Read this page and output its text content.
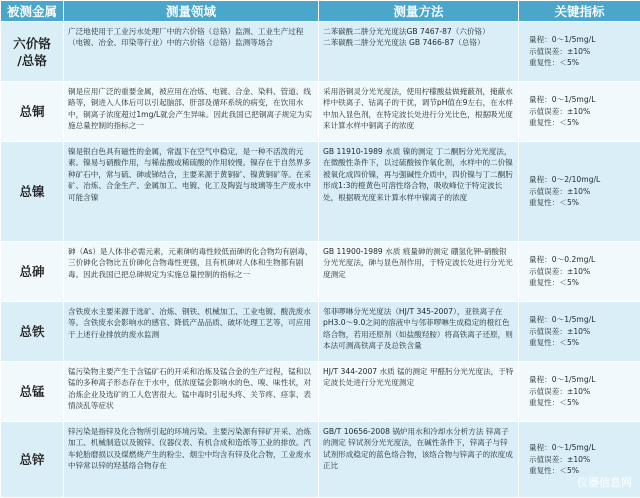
被测金属	测量领域	测量方法	关键指标
六价铬
/总铬	广泛地使用于工业污水处理厂中的六价铬（总铬）监测、工业生产过程（电镀、冶金、印染等行业）中的六价铬（总铬）监测等场合	二苯碳酰二肼分光光度法GB 7467-87（六价铬）
二苯碳酰二肼分光光度法 GB 7466-87（总铬）	量程：0～1/5mg/L
示值误差：±10%
重复性：＜5%

总铜	铜是应用广泛的重要金属，被应用在冶炼、电镀、合金、染料、管道、线路等，铜进入人体后可以引起脑部、肝部及循环系统的病变，在饮用水中，铜离子浓度超过1mg/L就会产生异味。因此我国已把铜离子规定为实施总量控制的指标之一	采用浴铜灵分光光度法，使用柠檬酸盐做掩蔽剂，掩蔽水样中铁离子、钴离子的干扰，调节pH值在9左右，在水样中加入显色剂，在特定波长处进行分光比色，根据吸光度来计算水样中铜离子的浓度	量程：0～1/5mg/L
示值误差：±10%
重复性：＜5%

总镍	镍是银白色具有磁性的金属，常温下在空气中稳定，是一种不活泼的元素。镍易与硝酸作用，与稀盐酸或稀硫酸的作用较慢。镍存在于自然界多种矿石中，常与硫、砷或锑结合，主要来源于黄铜矿、镍黄铜矿等。在采矿、冶炼、合金生产、金属加工、电镀、化工及陶瓷与玻璃等生产废水中可能含镍	GB 11910-1989 水质 镍的测定 丁二酮肟分光光度法，在微酸性条件下，以过硫酸铵作氧化剂，水样中的二价镍被氧化成四价镍，再与强碱性介质中，四价镍与丁二酮肟形成1:3的橙黄色可溶性络合物，吸收峰位于特定波长处，根据吸光度来计算水样中镍离子的浓度	量程：0～2/10mg/L
示值误差：±10%
重复性：＜5%

总砷	砷（As）是人体非必需元素，元素砷的毒性较低而砷的化合物均有剧毒，三价砷化合物比五价砷化合物毒性更强，且有机砷对人体和生物都有剧毒。因此我国已把总砷规定为实施总量控制的指标之一	GB 11900-1989 水质 痕量砷的测定 硼氢化钾-硝酸银分光光度法，砷与显色剂作用，于特定波长处进行分光光度测定	量程：0～0.2mg/L
示值误差：±10%
重复性：＜5%

总铁	含铁废水主要来源于选矿、冶炼、钢铁、机械加工、工业电镀、酸洗废水等。含铁废水会影响水的感官、降低产品品质、破坏处理工艺等，可应用于上述行业排放的废水监测	邻菲啰啉分光光度法（HJ/T 345-2007），亚铁离子在pH3.0～9.0之间的溶液中与邻菲啰啉生成稳定的橙红色络合物，若用还原剂（如盐酸羟胺）将高铁离子还原，则本法可测高铁离子及总铁含量	量程：0～1/5mg/L
示值误差：±10%
重复性：＜5%

总锰	锰污染物主要产生于含锰矿石的开采和冶炼及锰合金的生产过程，锰和以锰的多种离子形态存在于水中，低浓度锰会影响水的色、嗅、味性状，对冶炼企业及选矿的工人危害很大。锰中毒时引起头疼、关节疼、痉挛、表情淡乱等症状	HJ/T 344-2007 水质 锰的测定 甲醛肟分光光度法，于特定波长处进行分光光度测定	量程：0～1/5mg/L
示值误差：±10%
重复性：＜5%

总锌	锌污染是指锌及化合物所引起的环境污染。主要污染源有锌矿开采、冶炼加工、机械制造以及镀锌、仪器仪表、有机合成和造纸等工业的排放。汽车轮胎磨损以及煤燃烧产生的粉尘、烟尘中均含有锌及化合物，工业废水中锌常以锌的羟基络合物存在	GB/T 10656-2008 锅炉用水和冷却水分析方法 锌离子的测定 锌试剂分光光度法，在碱性条件下，锌离子与锌试剂形成稳定的蓝色络合物，该络合物与锌离子的浓度成正比	量程：0～1/5mg/L
示值误差：±10%
重复性：＜5%
仪器信息网
